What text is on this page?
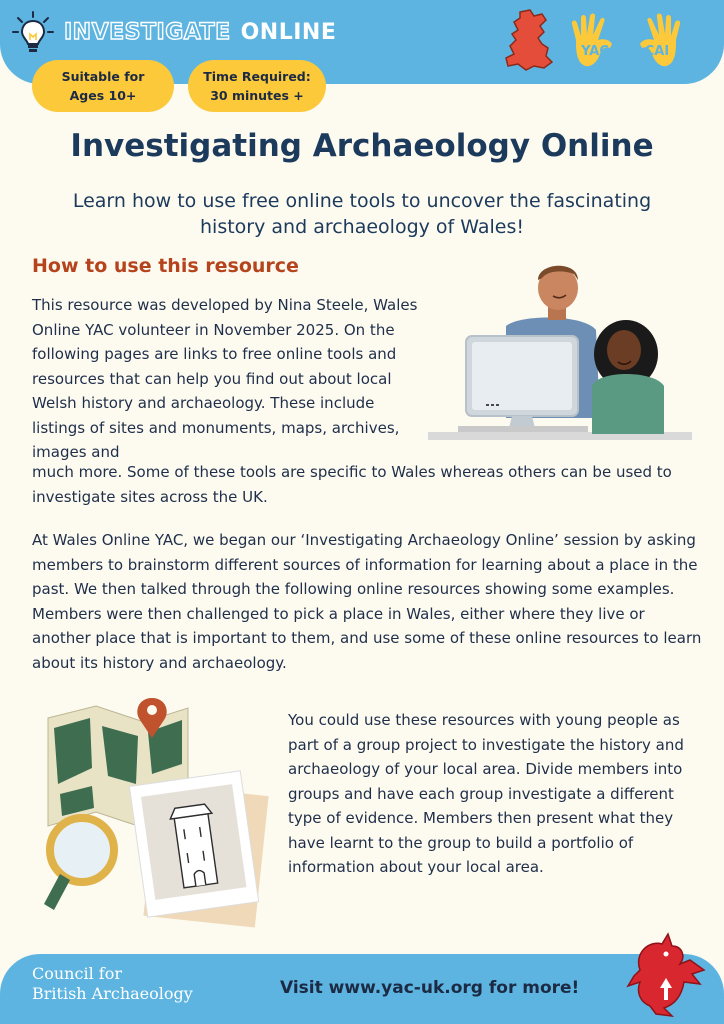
INVESTIGATE ONLINE
YAC	CAI
Suitable for
Ages 10+
Time Required:
30 minutes +
Investigating Archaeology Online

Learn how to use free online tools to uncover the fascinating history and archaeology of Wales!

How to use this resource

This resource was developed by Nina Steele, Wales Online YAC volunteer in November 2025. On the following pages are links to free online tools and resources that can help you find out about local Welsh history and archaeology. These include listings of sites and monuments, maps, archives, images and

much more. Some of these tools are specific to Wales whereas others can be used to investigate sites across the UK.

At Wales Online YAC, we began our ‘Investigating Archaeology Online’ session by asking members to brainstorm different sources of information for learning about a place in the past. We then talked through the following online resources showing some examples. Members were then challenged to pick a place in Wales, either where they live or another place that is important to them, and use some of these online resources to learn about its history and archaeology.

You could use these resources with young people as part of a group project to investigate the history and archaeology of your local area. Divide members into groups and have each group investigate a different type of evidence. Members then present what they have learnt to the group to build a portfolio of information about your local area.

Council for
British Archaeology	Visit www.yac-uk.org for more!
